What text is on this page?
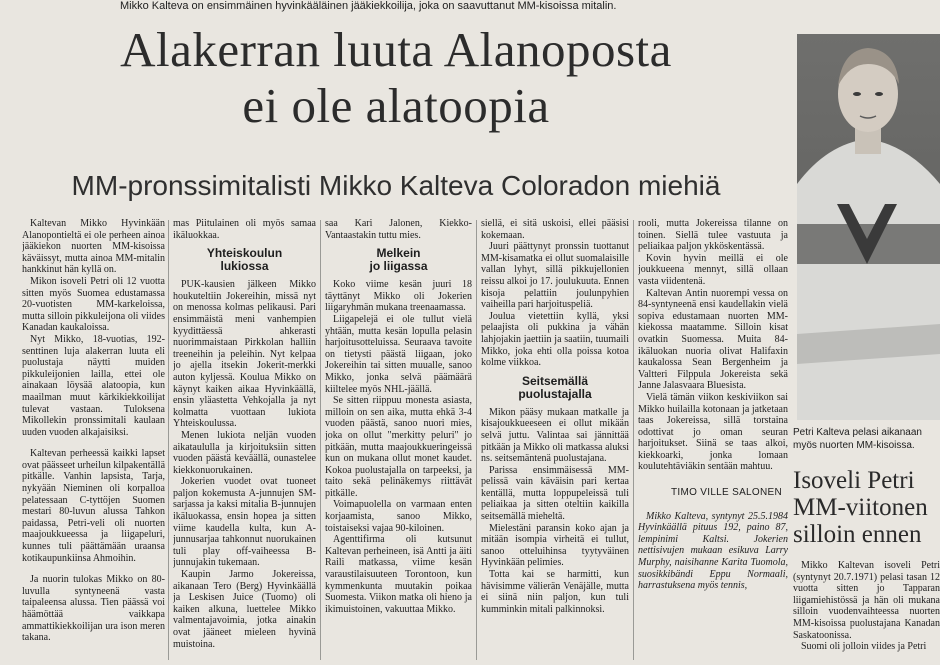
Mikko Kalteva on ensimmäinen hyvinkääläinen jääkiekkoilija, joka on saavuttanut MM-kisoissa mitalin.
Alakerran luuta Alanoposta
ei ole alatoopia
MM-pronssimitalisti Mikko Kalteva Coloradon miehiä

Kaltevan Mikko Hyvinkään Alanopontieltä ei ole perheen ainoa jääkiekon nuorten MM-kisoissa käväissyt, mutta ainoa MM-mitalin hankkinut hän kyllä on.

Mikon isoveli Petri oli 12 vuotta sitten myös Suomea edustamassa 20-vuotisten MM-karkeloissa, mutta silloin pikkuleijona oli viides Kanadan kaukaloissa.

Nyt Mikko, 18-vuotias, 192-senttinen luja alakerran luuta eli puolustaja näytti muiden pikkuleijonien lailla, ettei ole ainakaan löysää alatoopia, kun maailman muut kärkikiekkoilijat tulevat vastaan. Tuloksena Mikollekin pronssimitali kaulaan uuden vuoden alkajaisiksi.

Kaltevan perheessä kaikki lapset ovat päässeet urheilun kilpakentällä pitkälle. Vanhin lapsista, Tarja, nykyään Nieminen oli korpalloa pelatessaan C-tyttöjen Suomen mestari 80-luvun alussa Tahkon paidassa, Petri-veli oli nuorten maajoukkueessa ja liigapeluri, kunnes tuli päättämään uraansa kotikaupunkiinsa Ahmoihin.

Ja nuorin tulokas Mikko on 80-luvulla syntyneenä vasta taipaleensa alussa. Tien päässä voi häämöttää vaikkapa ammattikiekkoilijan ura ison meren takana.

mas Piitulainen oli myös samaa ikäluokkaa.

Yhteiskoulun
lukiossa

PUK-kausien jälkeen Mikko houkuteltiin Jokereihin, missä nyt on menossa kolmas pelikausi. Pari ensimmäistä meni vanhempien kyydittäessä ahkerasti nuorimmaistaan Pirkkolan halliin treeneihin ja peleihin. Nyt kelpaa jo ajella itsekin Jokerit-merkki auton kyljessä. Koulua Mikko on käynyt kaiken aikaa Hyvinkäällä, ensin yläastetta Vehkojalla ja nyt kolmatta vuottaan lukiota Yhteiskoulussa.

Menen lukiota neljän vuoden aikataululla ja kirjoituksiin sitten vuoden päästä keväällä, ounastelee kiekkonuorukainen.

Jokerien vuodet ovat tuoneet paljon kokemusta A-junnujen SM-sarjassa ja kaksi mitalia B-junnujen ikäluokassa, ensin hopea ja sitten viime kaudella kulta, kun A-junnusarjaa tahkonnut nuorukainen tuli play off-vaiheessa B-junnujakin tukemaan.

Kaupin Jarmo Jokereissa, aikanaan Tero (Berg) Hyvinkäällä ja Leskisen Juice (Tuomo) oli kaiken alkuna, luettelee Mikko valmentajavoimia, jotka ainakin ovat jääneet mieleen hyvinä muistoina.

saa Kari Jalonen, Kiekko-Vantaastakin tuttu mies.

Melkein
jo liigassa

Koko viime kesän juuri 18 täyttänyt Mikko oli Jokerien liigaryhmän mukana treenaamassa.

Liigapelejä ei ole tullut vielä yhtään, mutta kesän lopulla pelasin harjoitusotteluissa. Seuraava tavoite on tietysti päästä liigaan, joko Jokereihin tai sitten muualle, sanoo Mikko, jonka selvä päämäärä kiiltelee myös NHL-jäällä.

Se sitten riippuu monesta asiasta, milloin on sen aika, mutta ehkä 3-4 vuoden päästä, sanoo nuori mies, joka on ollut "merkitty peluri" jo pitkään, mutta maajoukkueringeissä kun on mukana ollut monet kaudet. Kokoa puolustajalla on tarpeeksi, ja taito sekä pelinäkemys riittävät pitkälle.

Voimapuolella on varmaan enten korjaamista, sanoo Mikko, toistaiseksi vajaa 90-kiloinen.

Agenttifirma oli kutsunut Kaltevan perheineen, isä Antti ja äiti Raili matkassa, viime kesän varaustilaisuuteen Torontoon, kun kymmenkunta muutakin poikaa Suomesta. Viikon matka oli hieno ja ikimuistoinen, vakuuttaa Mikko.

siellä, ei sitä uskoisi, ellei pääsisi kokemaan.

Juuri päättynyt pronssin tuottanut MM-kisamatka ei ollut suomalaisille vallan lyhyt, sillä pikkujellonien reissu alkoi jo 17. joulukuuta. Ennen kisoja pelattiin joulunpyhien vaiheilla pari harjoituspeliä.

Joulua vietettiin kyllä, yksi pelaajista oli pukkina ja vähän lahjojakin jaettiin ja saatiin, tuumaili Mikko, joka ehti olla poissa kotoa kolme viikkoa.

Seitsemällä
puolustajalla

Mikon pääsy mukaan matkalle ja kisajoukkueeseen ei ollut mikään selvä juttu. Valintaa sai jännittää pitkään ja Mikko oli matkassa aluksi ns. seitsemäntenä puolustajana.

Parissa ensimmäisessä MM-pelissä vain käväisin pari kertaa kentällä, mutta loppupeleissä tuli peliaikaa ja sitten oteltiin kaikilla seitsemällä mieheltä.

Mielestäni paransin koko ajan ja mitään isompia virheitä ei tullut, sanoo otteluihinsa tyytyväinen Hyvinkään pelimies.

Totta kai se harmitti, kun hävisimme välierän Venäjälle, mutta ei siinä niin paljon, kun tuli kumminkin mitali palkinnoksi.

rooli, mutta Jokereissa tilanne on toinen. Siellä tulee vastuuta ja peliaikaa paljon ykköskentässä.

Kovin hyvin meillä ei ole joukkueena mennyt, sillä ollaan vasta viidentenä.

Kaltevan Antin nuorempi vessa on 84-syntyneenä ensi kaudellakin vielä sopiva edustamaan nuorten MM-kiekossa maatamme. Silloin kisat ovatkin Suomessa. Muita 84-ikäluokan nuoria olivat Halifaxin kaukalossa Sean Bergenheim ja Valtteri Filppula Jokereista sekä Janne Jalasvaara Bluesista.

Vielä tämän viikon keskiviikon sai Mikko huilailla kotonaan ja jatketaan taas Jokereissa, sillä torstaina odottivat jo oman seuran harjoitukset. Siinä se taas alkoi, kiekkoarki, jonka lomaan koulutehtäviäkin sentään mahtuu.

TIMO VILLE SALONEN

Mikko Kalteva, syntynyt 25.5.1984 Hyvinkäällä pituus 192, paino 87, lempinimi Kaltsi. Jokerien nettisivujen mukaan esikuva Larry Murphy, naisihanne Karita Tuomola, suosikkibändi Eppu Normaali, harrastuksena myös tennis,

Petri Kalteva pelasi aikanaan myös nuorten MM-kisoissa.
Isoveli Petri MM-viitonen silloin ennen

Mikko Kaltevan isoveli Petri (syntynyt 20.7.1971) pelasi tasan 12 vuotta sitten jo Tapparan liigamiehistössä ja hän oli mukana silloin vuodenvaihteessa nuorten MM-kisoissa puolustajana Kanadan Saskatoonissa.

Suomi oli jolloin viides ja Petri
